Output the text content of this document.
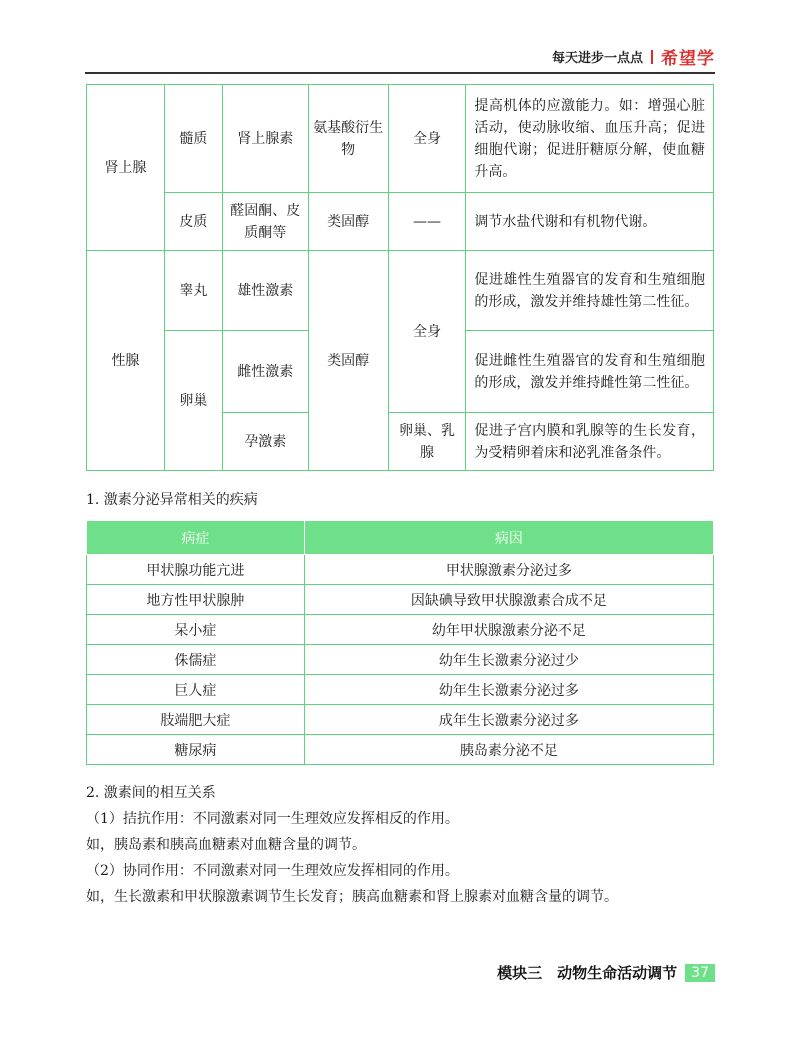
每天进步一点点 希望学
肾上腺	髓质	肾上腺素	氨基酸衍生物	全身	提高机体的应激能力。如：增强心脏活动，使动脉收缩、血压升高；促进细胞代谢；促进肝糖原分解，使血糖升高。
	皮质	醛固酮、皮质酮等	类固醇	——	调节水盐代谢和有机物代谢。
性腺	睾丸	雄性激素	类固醇	全身	促进雄性生殖器官的发育和生殖细胞的形成，激发并维持雄性第二性征。
	卵巢	雌性激素			促进雌性生殖器官的发育和生殖细胞的形成，激发并维持雌性第二性征。
		孕激素		卵巢、乳腺	促进子宫内膜和乳腺等的生长发育，为受精卵着床和泌乳准备条件。
1. 激素分泌异常相关的疾病
病症	病因
甲状腺功能亢进	甲状腺激素分泌过多
地方性甲状腺肿	因缺碘导致甲状腺激素合成不足
呆小症	幼年甲状腺激素分泌不足
侏儒症	幼年生长激素分泌过少
巨人症	幼年生长激素分泌过多
肢端肥大症	成年生长激素分泌过多
糖尿病	胰岛素分泌不足
2. 激素间的相互关系
（1）拮抗作用：不同激素对同一生理效应发挥相反的作用。
如，胰岛素和胰高血糖素对血糖含量的调节。
（2）协同作用：不同激素对同一生理效应发挥相同的作用。
如，生长激素和甲状腺激素调节生长发育；胰高血糖素和肾上腺素对血糖含量的调节。
模块三　动物生命活动调节	37
